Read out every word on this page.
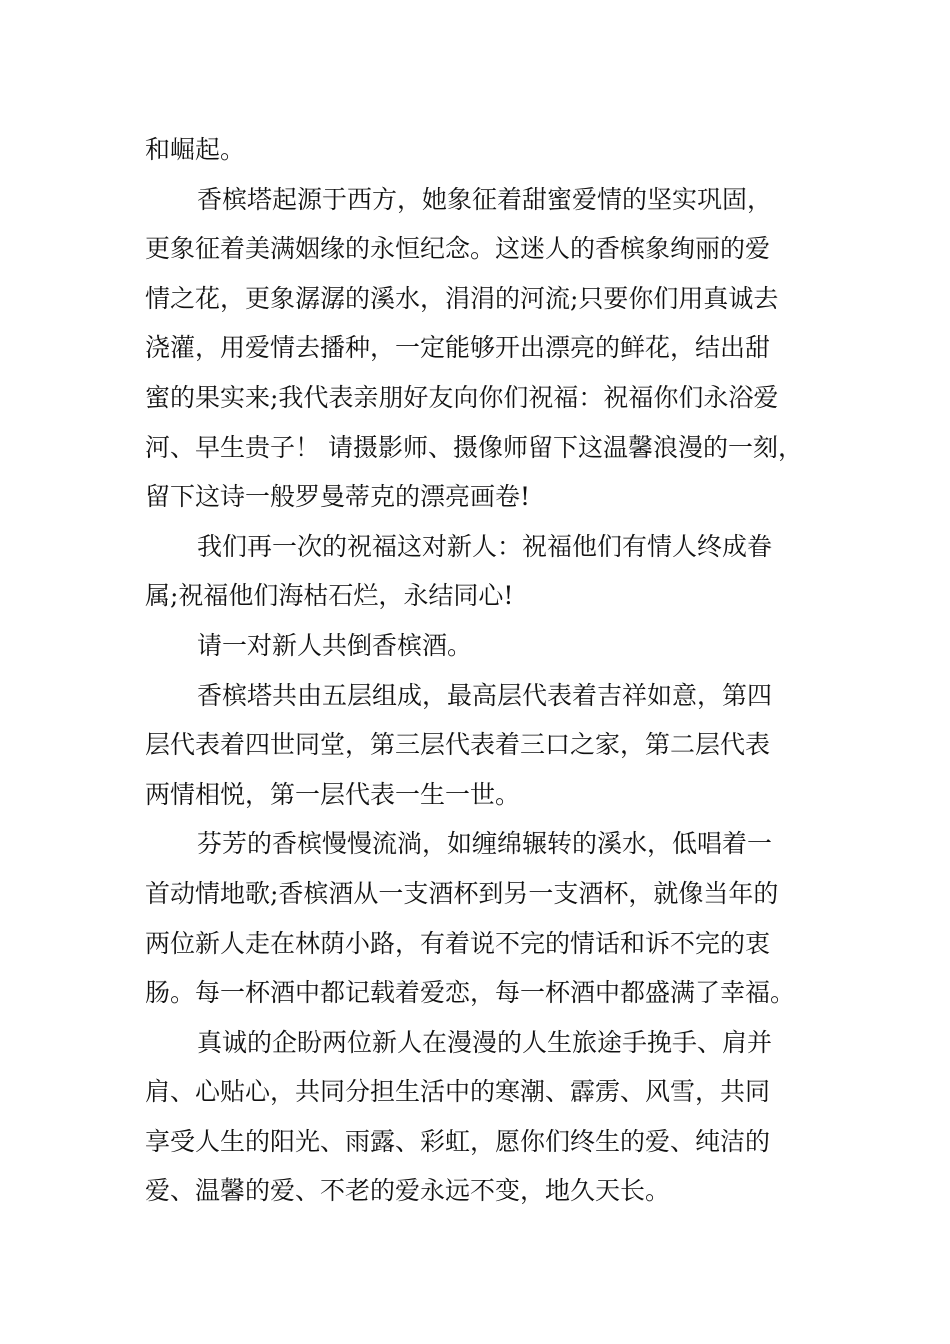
和崛起。
香槟塔起源于西方，她象征着甜蜜爱情的坚实巩固，
更象征着美满姻缘的永恒纪念。这迷人的香槟象绚丽的爱
情之花，更象潺潺的溪水，涓涓的河流;只要你们用真诚去
浇灌，用爱情去播种，一定能够开出漂亮的鲜花，结出甜
蜜的果实来;我代表亲朋好友向你们祝福：祝福你们永浴爱
河、早生贵子！ 请摄影师、摄像师留下这温馨浪漫的一刻，
留下这诗一般罗曼蒂克的漂亮画卷!
我们再一次的祝福这对新人：祝福他们有情人终成眷
属;祝福他们海枯石烂，永结同心!
请一对新人共倒香槟酒。
香槟塔共由五层组成，最高层代表着吉祥如意，第四
层代表着四世同堂，第三层代表着三口之家，第二层代表
两情相悦，第一层代表一生一世。
芬芳的香槟慢慢流淌，如缠绵辗转的溪水，低唱着一
首动情地歌;香槟酒从一支酒杯到另一支酒杯，就像当年的
两位新人走在林荫小路，有着说不完的情话和诉不完的衷
肠。每一杯酒中都记载着爱恋，每一杯酒中都盛满了幸福。
真诚的企盼两位新人在漫漫的人生旅途手挽手、肩并
肩、心贴心，共同分担生活中的寒潮、霹雳、风雪，共同
享受人生的阳光、雨露、彩虹，愿你们终生的爱、纯洁的
爱、温馨的爱、不老的爱永远不变，地久天长。
